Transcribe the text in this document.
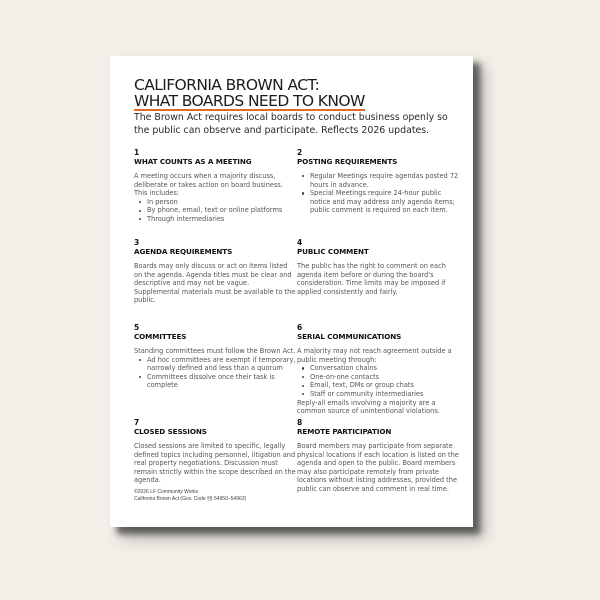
CALIFORNIA BROWN ACT:
WHAT BOARDS NEED TO KNOW

The Brown Act requires local boards to conduct business openly so the public can observe and participate. Reflects 2026 updates.

1
WHAT COUNTS AS A MEETING
A meeting occurs when a majority discuss, deliberate or takes action on board business. This includes:
In person
By phone, email, text or online platforms
Through intermediaries
2
POSTING REQUIREMENTS
Regular Meetings require agendas posted 72 hours in advance.
Special Meetings require 24-hour public notice and may address only agenda items; public comment is required on each item.
3
AGENDA REQUIREMENTS
Boards may only discuss or act on items listed on the agenda. Agenda titles must be clear and descriptive and may not be vague. Supplemental materials must be available to the public.
4
PUBLIC COMMENT
The public has the right to comment on each agenda item before or during the board's consideration. Time limits may be imposed if applied consistently and fairly.
5
COMMITTEES
Standing committees must follow the Brown Act.
Ad hoc committees are exempt if temporary, narrowly defined and less than a quorum
Committees dissolve once their task is complete
6
SERIAL COMMUNICATIONS
A majority may not reach agreement outside a public meeting through:
Conversation chains
One-on-one contacts
Email, text, DMs or group chats
Staff or community intermediaries
Reply-all emails involving a majority are a common source of unintentional violations.
7
CLOSED SESSIONS
Closed sessions are limited to specific, legally defined topics including personnel, litigation and real property negotiations. Discussion must remain strictly within the scope described on the agenda.
8
REMOTE PARTICIPATION
Board members may participate from separate physical locations if each location is listed on the agenda and open to the public. Board members may also participate remotely from private locations without listing addresses, provided the public can observe and comment in real time.
©2026 LF Community Works
California Brown Act (Gov. Code §§ 54950–54963)
